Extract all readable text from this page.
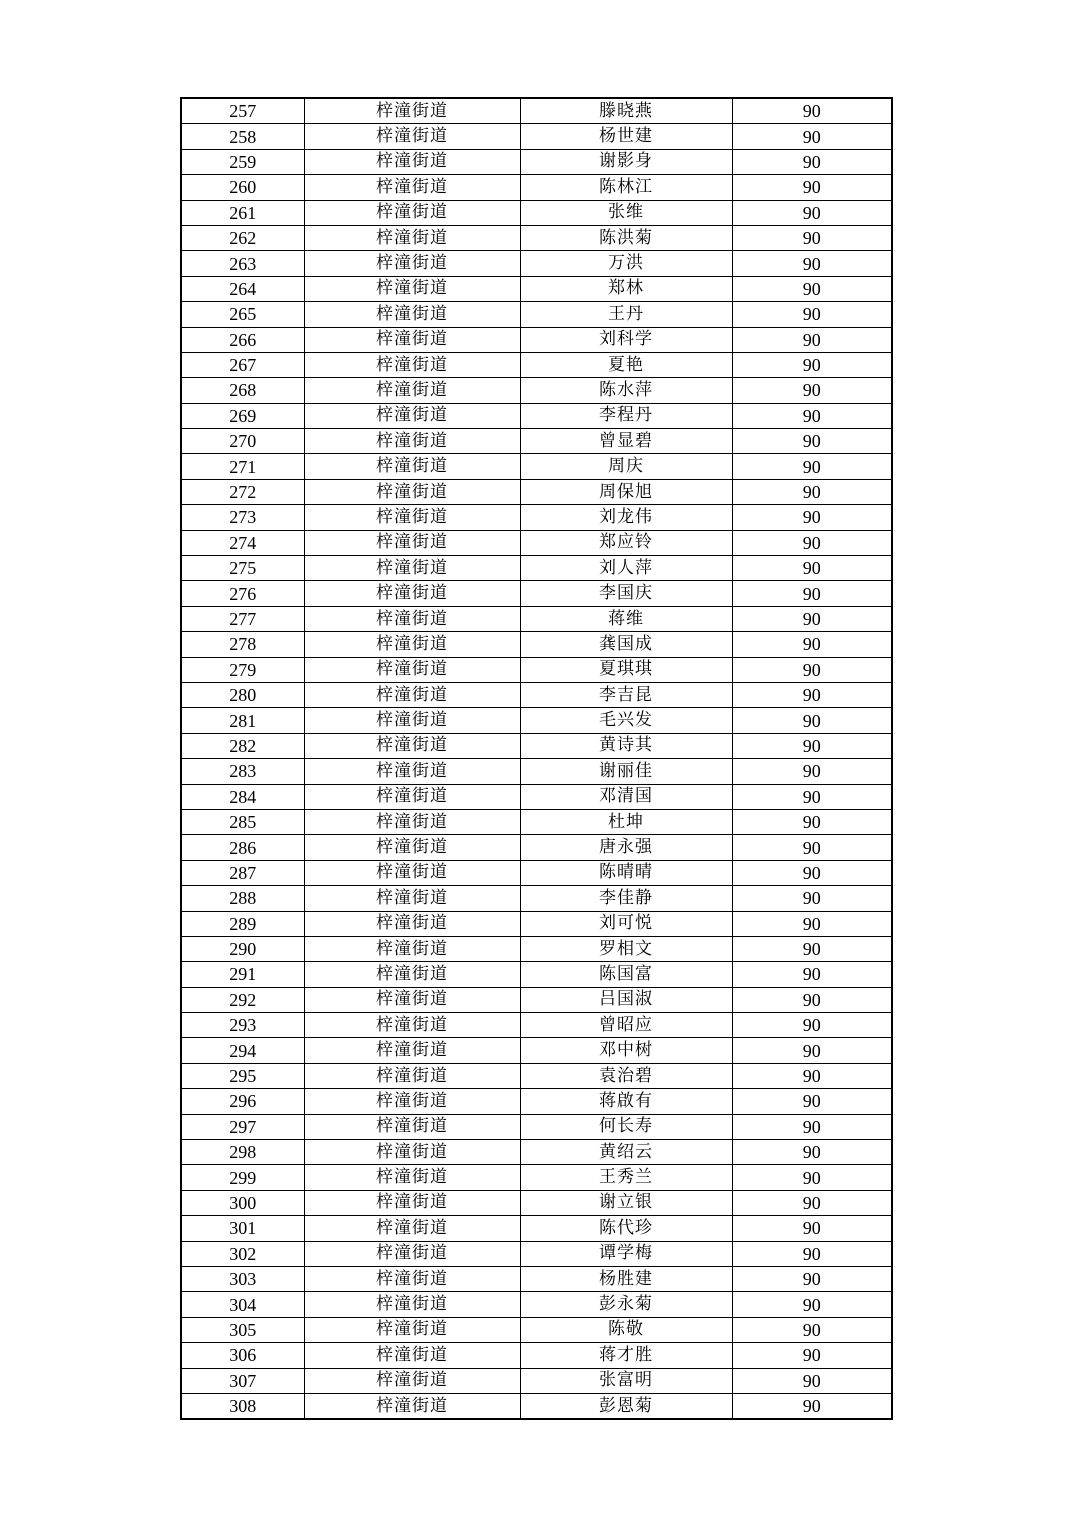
257	梓潼街道	滕晓燕	90
258	梓潼街道	杨世建	90
259	梓潼街道	谢影身	90
260	梓潼街道	陈林江	90
261	梓潼街道	张维	90
262	梓潼街道	陈洪菊	90
263	梓潼街道	万洪	90
264	梓潼街道	郑林	90
265	梓潼街道	王丹	90
266	梓潼街道	刘科学	90
267	梓潼街道	夏艳	90
268	梓潼街道	陈水萍	90
269	梓潼街道	李程丹	90
270	梓潼街道	曾显碧	90
271	梓潼街道	周庆	90
272	梓潼街道	周保旭	90
273	梓潼街道	刘龙伟	90
274	梓潼街道	郑应铃	90
275	梓潼街道	刘人萍	90
276	梓潼街道	李国庆	90
277	梓潼街道	蒋维	90
278	梓潼街道	龚国成	90
279	梓潼街道	夏琪琪	90
280	梓潼街道	李吉昆	90
281	梓潼街道	毛兴发	90
282	梓潼街道	黄诗其	90
283	梓潼街道	谢丽佳	90
284	梓潼街道	邓清国	90
285	梓潼街道	杜坤	90
286	梓潼街道	唐永强	90
287	梓潼街道	陈晴晴	90
288	梓潼街道	李佳静	90
289	梓潼街道	刘可悦	90
290	梓潼街道	罗相文	90
291	梓潼街道	陈国富	90
292	梓潼街道	吕国淑	90
293	梓潼街道	曾昭应	90
294	梓潼街道	邓中树	90
295	梓潼街道	袁治碧	90
296	梓潼街道	蒋啟有	90
297	梓潼街道	何长寿	90
298	梓潼街道	黄绍云	90
299	梓潼街道	王秀兰	90
300	梓潼街道	谢立银	90
301	梓潼街道	陈代珍	90
302	梓潼街道	谭学梅	90
303	梓潼街道	杨胜建	90
304	梓潼街道	彭永菊	90
305	梓潼街道	陈敬	90
306	梓潼街道	蒋才胜	90
307	梓潼街道	张富明	90
308	梓潼街道	彭恩菊	90
